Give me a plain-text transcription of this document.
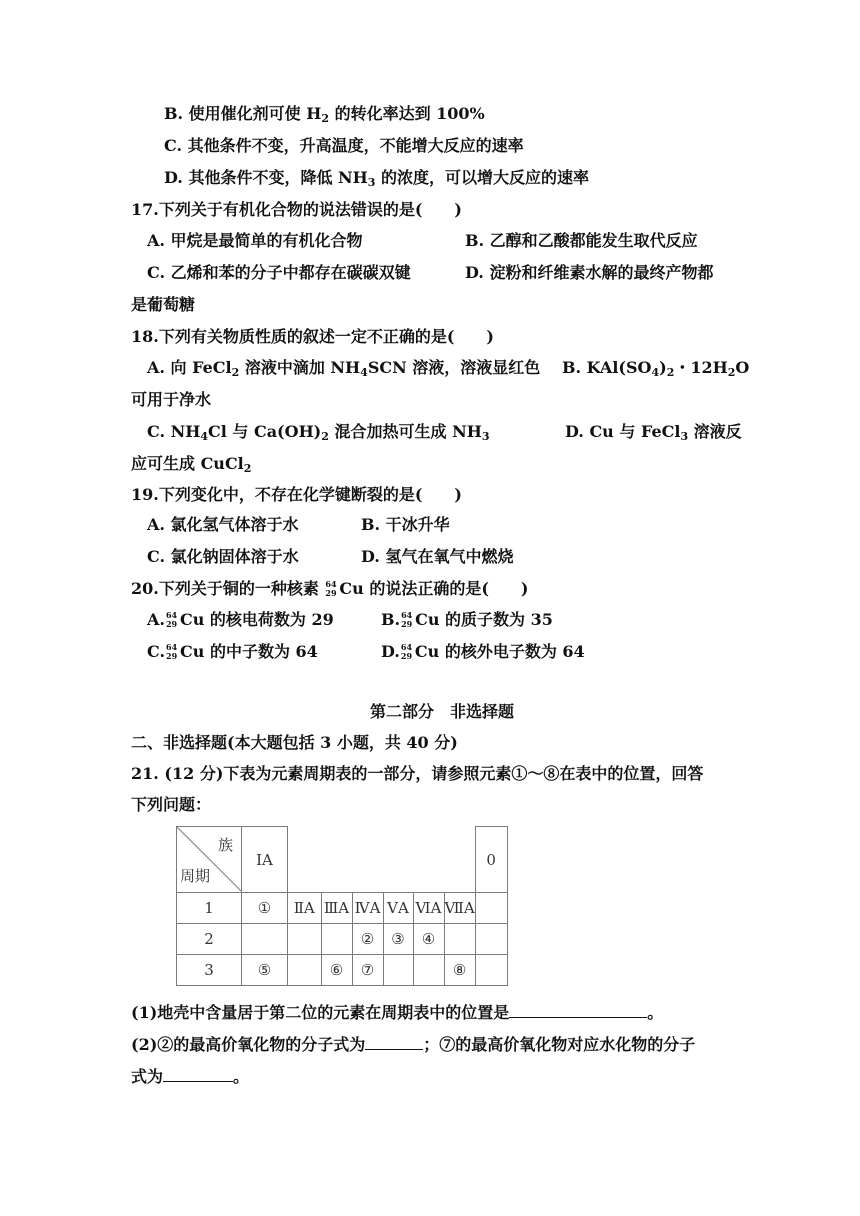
B. 使用催化剂可使 $H_2$ 的转化率达到 100%
C. 其他条件不变，升高温度，不能增大反应的速率
D. 其他条件不变，降低 $NH_3$ 的浓度，可以增大反应的速率
17.下列关于有机化合物的说法错误的是(　　)
A. 甲烷是最简单的有机化合物	B. 乙醇和乙酸都能发生取代反应
C. 乙烯和苯的分子中都存在碳碳双键	D. 淀粉和纤维素水解的最终产物都
是葡萄糖
18.下列有关物质性质的叙述一定不正确的是(　　)
A. 向 FeCl$_2$ 溶液中滴加 $NH_4SCN$ 溶液，溶液显红色 B. $KAl(SO_4)_2$・$12H_2O$
可用于净水
C. $NH_4Cl$ 与 $Ca(OH)_2$ 混合加热可生成 $NH_3$	D. Cu 与 FeCl$_3$ 溶液反
应可生成 CuCl$_2$
19.下列变化中，不存在化学键断裂的是(　　)
A. 氯化氢气体溶于水	B. 干冰升华
C. 氯化钠固体溶于水	D. 氢气在氧气中燃烧
20.下列关于铜的一种核素 64
29 Cu 的说法正确的是(　　)
A. 64
29 Cu 的核电荷数为 29	B. 64
29 Cu 的质子数为 35
C. 64
29 Cu 的中子数为 64	D. 64
29 Cu 的核外电子数为 64
第二部分　非选择题
二、非选择题(本大题包括 3 小题，共 40 分)
21. (12 分)下表为元素周期表的一部分，请参照元素①～⑧在表中的位置，回答
下列问题：
族
周期	ⅠA							0
1	①	ⅡA	ⅢA	ⅣA	ⅤA	ⅥA	ⅦA	
2				②	③	④		
3	⑤		⑥	⑦			⑧	
(1)地壳中含量居于第二位的元素在周期表中的位置是	。
(2)②的最高价氧化物的分子式为	；⑦的最高价氧化物对应水化物的分子
式为	。
